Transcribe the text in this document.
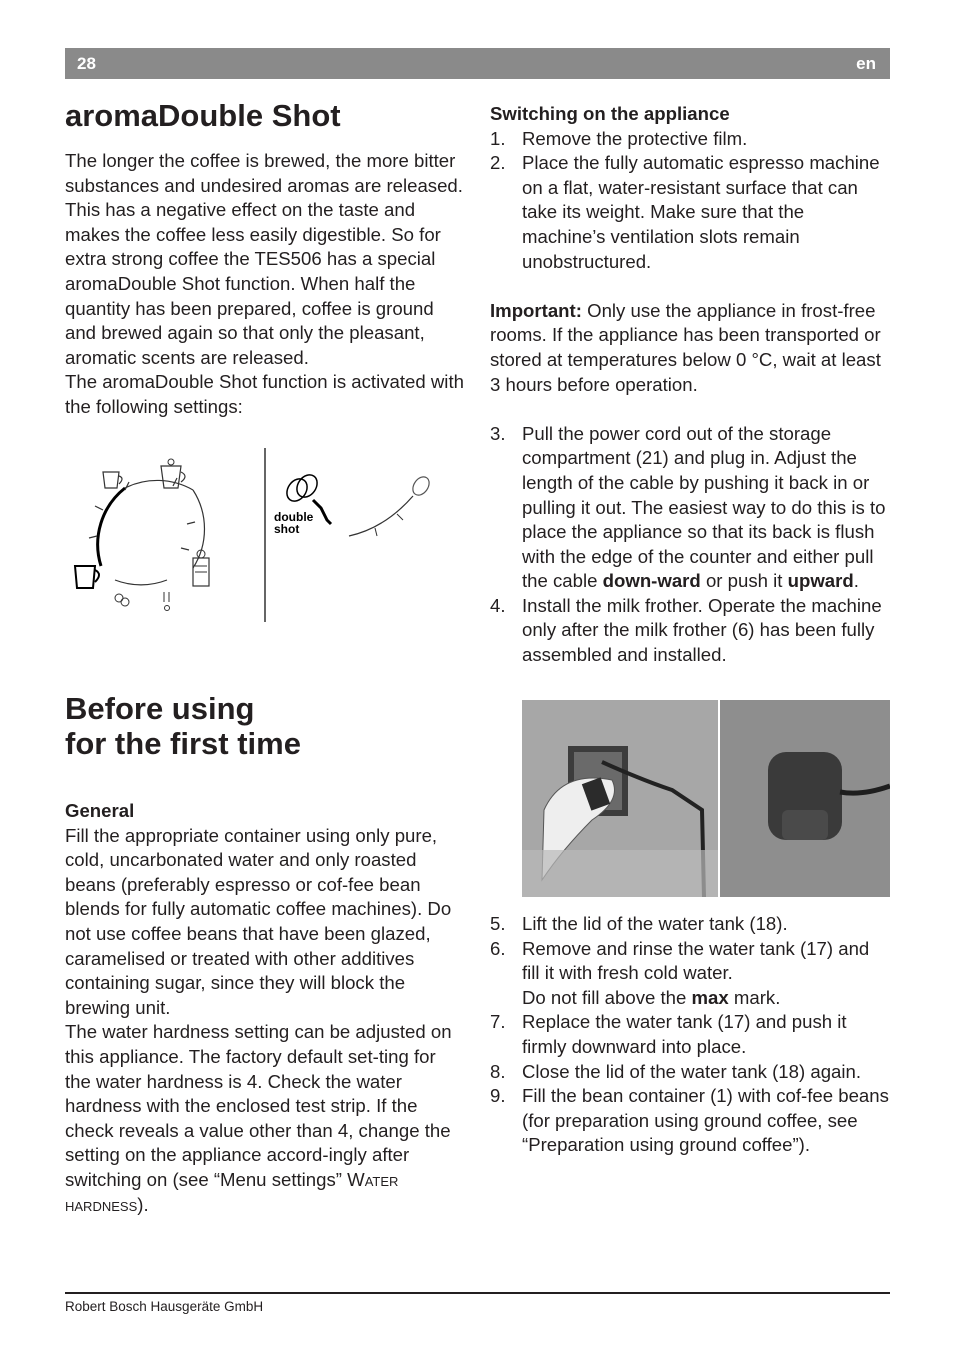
28	en
aromaDouble Shot

The longer the coffee is brewed, the more bitter substances and undesired aromas are released. This has a negative effect on the taste and makes the coffee less easily digestible. So for extra strong coffee the TES506 has a special aromaDouble Shot function. When half the quantity has been prepared, coffee is ground and brewed again so that only the pleasant, aromatic scents are released.

The aromaDouble Shot function is activated with the following settings:

double
shot
Before using
for the first time

General

Fill the appropriate container using only pure, cold, uncarbonated water and only roasted beans (preferably espresso or cof-fee bean blends for fully automatic coffee machines). Do not use coffee beans that have been glazed, caramelised or treated with other additives containing sugar, since they will block the brewing unit.

The water hardness setting can be adjusted on this appliance. The factory default set-ting for the water hardness is 4. Check the water hardness with the enclosed test strip. If the check reveals a value other than 4, change the setting on the appliance accord-ingly after switching on (see “Menu settings” Water hardness).

Switching on the appliance

1. Remove the protective film.
2. Place the fully automatic espresso machine on a flat, water-resistant surface that can take its weight. Make sure that the machine’s ventilation slots remain unobstructured.

Important: Only use the appliance in frost-free rooms. If the appliance has been transported or stored at temperatures below 0 °C, wait at least 3 hours before operation.

3. Pull the power cord out of the storage compartment (21) and plug in. Adjust the length of the cable by pushing it back in or pulling it out. The easiest way to do this is to place the appliance so that its back is flush with the edge of the counter and either pull the cable down-ward or push it upward.
4. Install the milk frother. Operate the machine only after the milk frother (6) has been fully assembled and installed.
5. Lift the lid of the water tank (18).
6. Remove and rinse the water tank (17) and fill it with fresh cold water.
Do not fill above the max mark.
7. Replace the water tank (17) and push it firmly downward into place.
8. Close the lid of the water tank (18) again.
9. Fill the bean container (1) with cof-fee beans (for preparation using ground coffee, see “Preparation using ground coffee”).
Robert Bosch Hausgeräte GmbH
